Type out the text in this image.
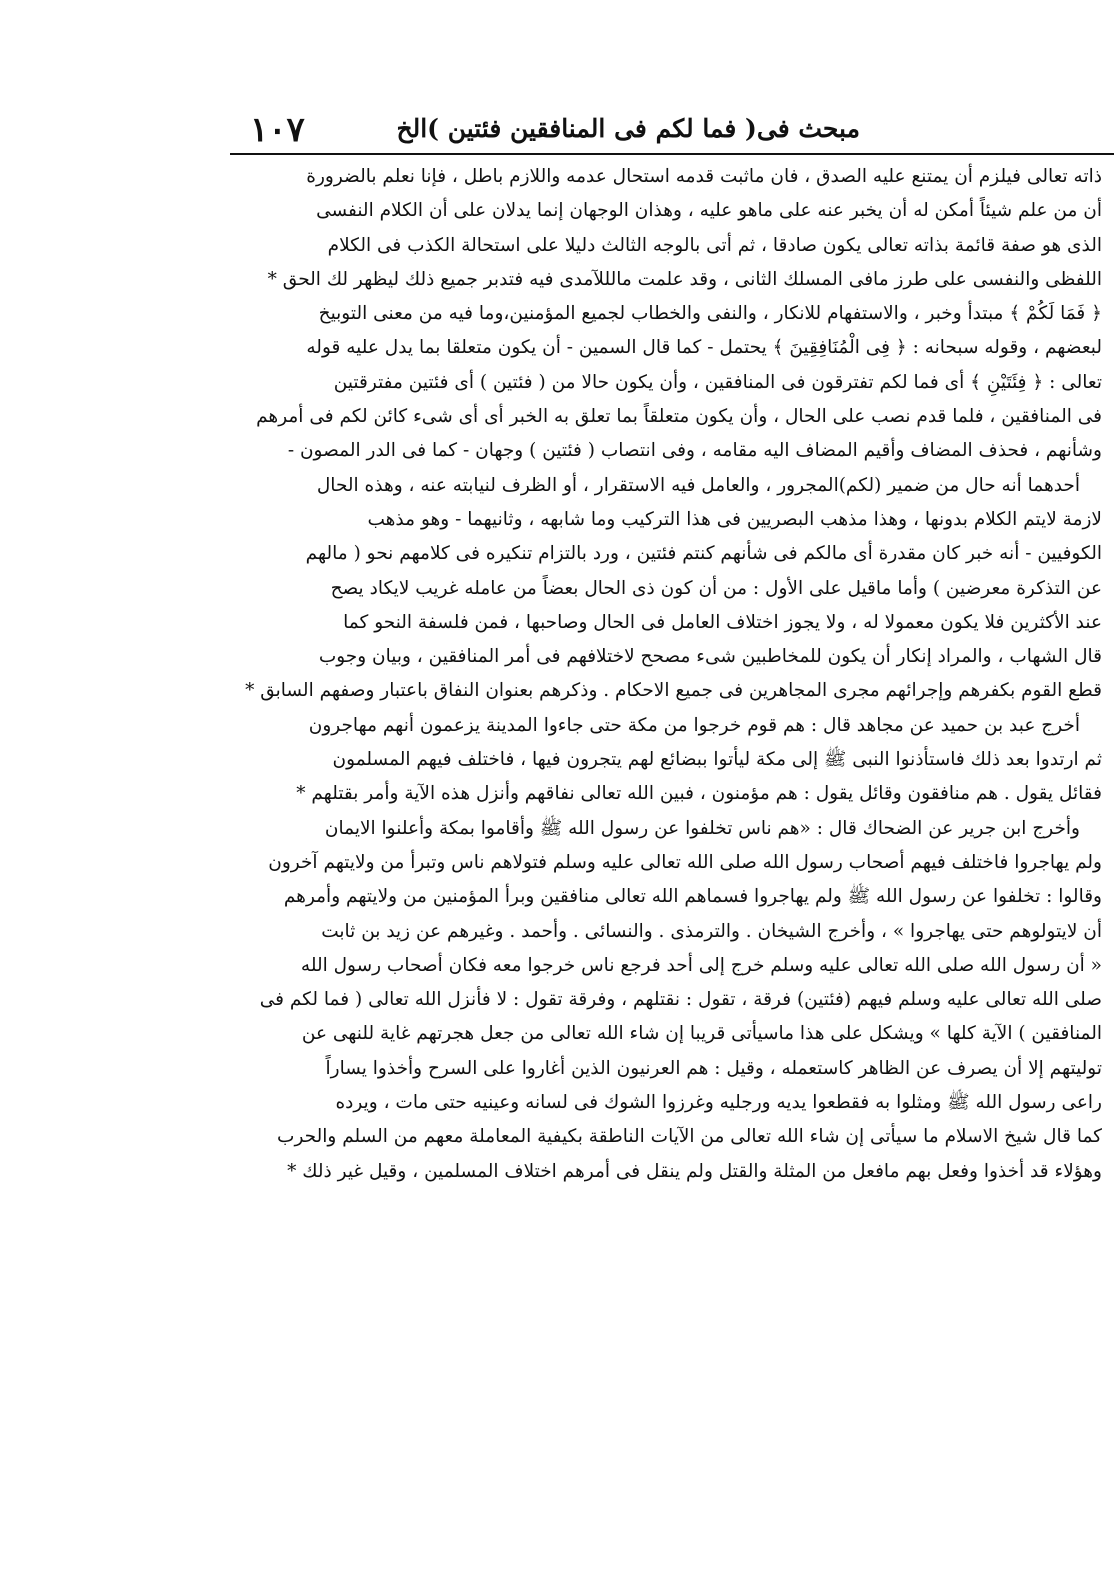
مبحث فى( فما لكم فى المنافقين فئتين )الخ
١٠٧
ذاته تعالى فيلزم أن يمتنع عليه الصدق ، فان ماثبت قدمه استحال عدمه واللازم باطل ، فإنا نعلم بالضرورة
أن من علم شيئاً أمكن له أن يخبر عنه على ماهو عليه ، وهذان الوجهان إنما يدلان على أن الكلام النفسى
الذى هو صفة قائمة بذاته تعالى يكون صادقا ، ثم أتى بالوجه الثالث دليلا على استحالة الكذب فى الكلام
اللفظى والنفسى على طرز مافى المسلك الثانى ، وقد علمت مالللآمدى فيه فتدبر جميع ذلك ليظهر لك الحق *
﴿ فَمَا لَكُمْ ﴾ مبتدأ وخبر ، والاستفهام للانكار ، والنفى والخطاب لجميع المؤمنين،وما فيه من معنى التوبيخ
لبعضهم ، وقوله سبحانه : ﴿ فِى الْمُنَافِقِينَ ﴾ يحتمل - كما قال السمين - أن يكون متعلقا بما يدل عليه قوله
تعالى : ﴿ فِئَتَيْنِ ﴾ أى فما لكم تفترقون فى المنافقين ، وأن يكون حالا من ( فئتين ) أى فئتين مفترقتين
فى المنافقين ، فلما قدم نصب على الحال ، وأن يكون متعلقاً بما تعلق به الخبر أى أى شىء كائن لكم فى أمرهم
وشأنهم ، فحذف المضاف وأقيم المضاف اليه مقامه ، وفى انتصاب ( فئتين ) وجهان - كما فى الدر المصون -
أحدهما أنه حال من ضمير (لكم)المجرور ، والعامل فيه الاستقرار ، أو الظرف لنيابته عنه ، وهذه الحال
لازمة لايتم الكلام بدونها ، وهذا مذهب البصريين فى هذا التركيب وما شابهه ، وثانيهما - وهو مذهب
الكوفيين - أنه خبر كان مقدرة أى مالكم فى شأنهم كنتم فئتين ، ورد بالتزام تنكيره فى كلامهم نحو ( مالهم
عن التذكرة معرضين ) وأما ماقيل على الأول : من أن كون ذى الحال بعضاً من عامله غريب لايكاد يصح
عند الأكثرين فلا يكون معمولا له ، ولا يجوز اختلاف العامل فى الحال وصاحبها ، فمن فلسفة النحو كما
قال الشهاب ، والمراد إنكار أن يكون للمخاطبين شىء مصحح لاختلافهم فى أمر المنافقين ، وبيان وجوب
قطع القوم بكفرهم وإجرائهم مجرى المجاهرين فى جميع الاحكام . وذكرهم بعنوان النفاق باعتبار وصفهم السابق *
أخرج عبد بن حميد عن مجاهد قال : هم قوم خرجوا من مكة حتى جاءوا المدينة يزعمون أنهم مهاجرون
ثم ارتدوا بعد ذلك فاستأذنوا النبى ﷺ إلى مكة ليأتوا ببضائع لهم يتجرون فيها ، فاختلف فيهم المسلمون
فقائل يقول . هم منافقون وقائل يقول : هم مؤمنون ، فبين الله تعالى نفاقهم وأنزل هذه الآية وأمر بقتلهم *
وأخرج ابن جرير عن الضحاك قال : «هم ناس تخلفوا عن رسول الله ﷺ وأقاموا بمكة وأعلنوا الايمان
ولم يهاجروا فاختلف فيهم أصحاب رسول الله صلى الله تعالى عليه وسلم فتولاهم ناس وتبرأ من ولايتهم آخرون
وقالوا : تخلفوا عن رسول الله ﷺ ولم يهاجروا فسماهم الله تعالى منافقين وبرأ المؤمنين من ولايتهم وأمرهم
أن لايتولوهم حتى يهاجروا » ، وأخرج الشيخان . والترمذى . والنسائى . وأحمد . وغيرهم عن زيد بن ثابت
« أن رسول الله صلى الله تعالى عليه وسلم خرج إلى أحد فرجع ناس خرجوا معه فكان أصحاب رسول الله
صلى الله تعالى عليه وسلم فيهم (فئتين) فرقة ، تقول : نقتلهم ، وفرقة تقول : لا فأنزل الله تعالى ( فما لكم فى
المنافقين ) الآية كلها » ويشكل على هذا ماسيأتى قريبا إن شاء الله تعالى من جعل هجرتهم غاية للنهى عن
توليتهم إلا أن يصرف عن الظاهر كاستعمله ، وقيل : هم العرنيون الذين أغاروا على السرح وأخذوا يساراً
راعى رسول الله ﷺ ومثلوا به فقطعوا يديه ورجليه وغرزوا الشوك فى لسانه وعينيه حتى مات ، ويرده
كما قال شيخ الاسلام ما سيأتى إن شاء الله تعالى من الآيات الناطقة بكيفية المعاملة معهم من السلم والحرب
وهؤلاء قد أخذوا وفعل بهم مافعل من المثلة والقتل ولم ينقل فى أمرهم اختلاف المسلمين ، وقيل غير ذلك *
